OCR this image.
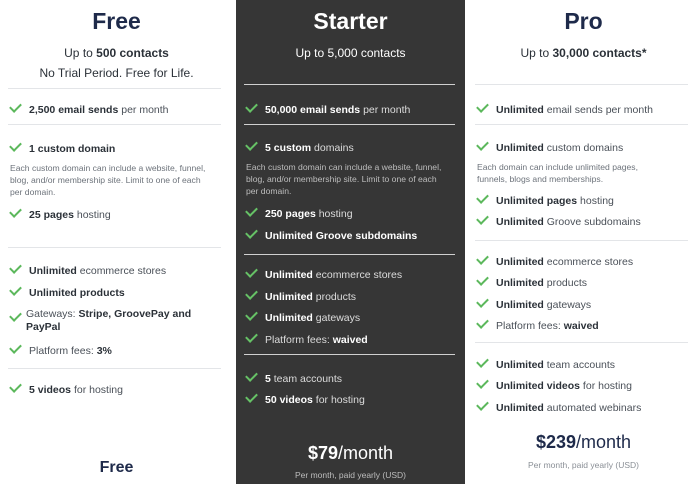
Free
Up to 500 contacts
No Trial Period. Free for Life.
2,500 email sends per month
1 custom domain
Each custom domain can include a website, funnel, blog, and/or membership site. Limit to one of each per domain.
25 pages hosting
Unlimited ecommerce stores
Unlimited products
Gateways: Stripe, GroovePay and PayPal
Platform fees: 3%
5 videos for hosting
Free
Starter
Up to 5,000 contacts
50,000 email sends per month
5 custom domains
Each custom domain can include a website, funnel, blog, and/or membership site. Limit to one of each per domain.
250 pages hosting
Unlimited Groove subdomains
Unlimited ecommerce stores
Unlimited products
Unlimited gateways
Platform fees: waived
5 team accounts
50 videos for hosting
$79/month
Per month, paid yearly (USD)
Pro
Up to 30,000 contacts*
Unlimited email sends per month
Unlimited custom domains
Each domain can include unlimited pages, funnels, blogs and memberships.
Unlimited pages hosting
Unlimited Groove subdomains
Unlimited ecommerce stores
Unlimited products
Unlimited gateways
Platform fees: waived
Unlimited team accounts
Unlimited videos for hosting
Unlimited automated webinars
$239/month
Per month, paid yearly (USD)
